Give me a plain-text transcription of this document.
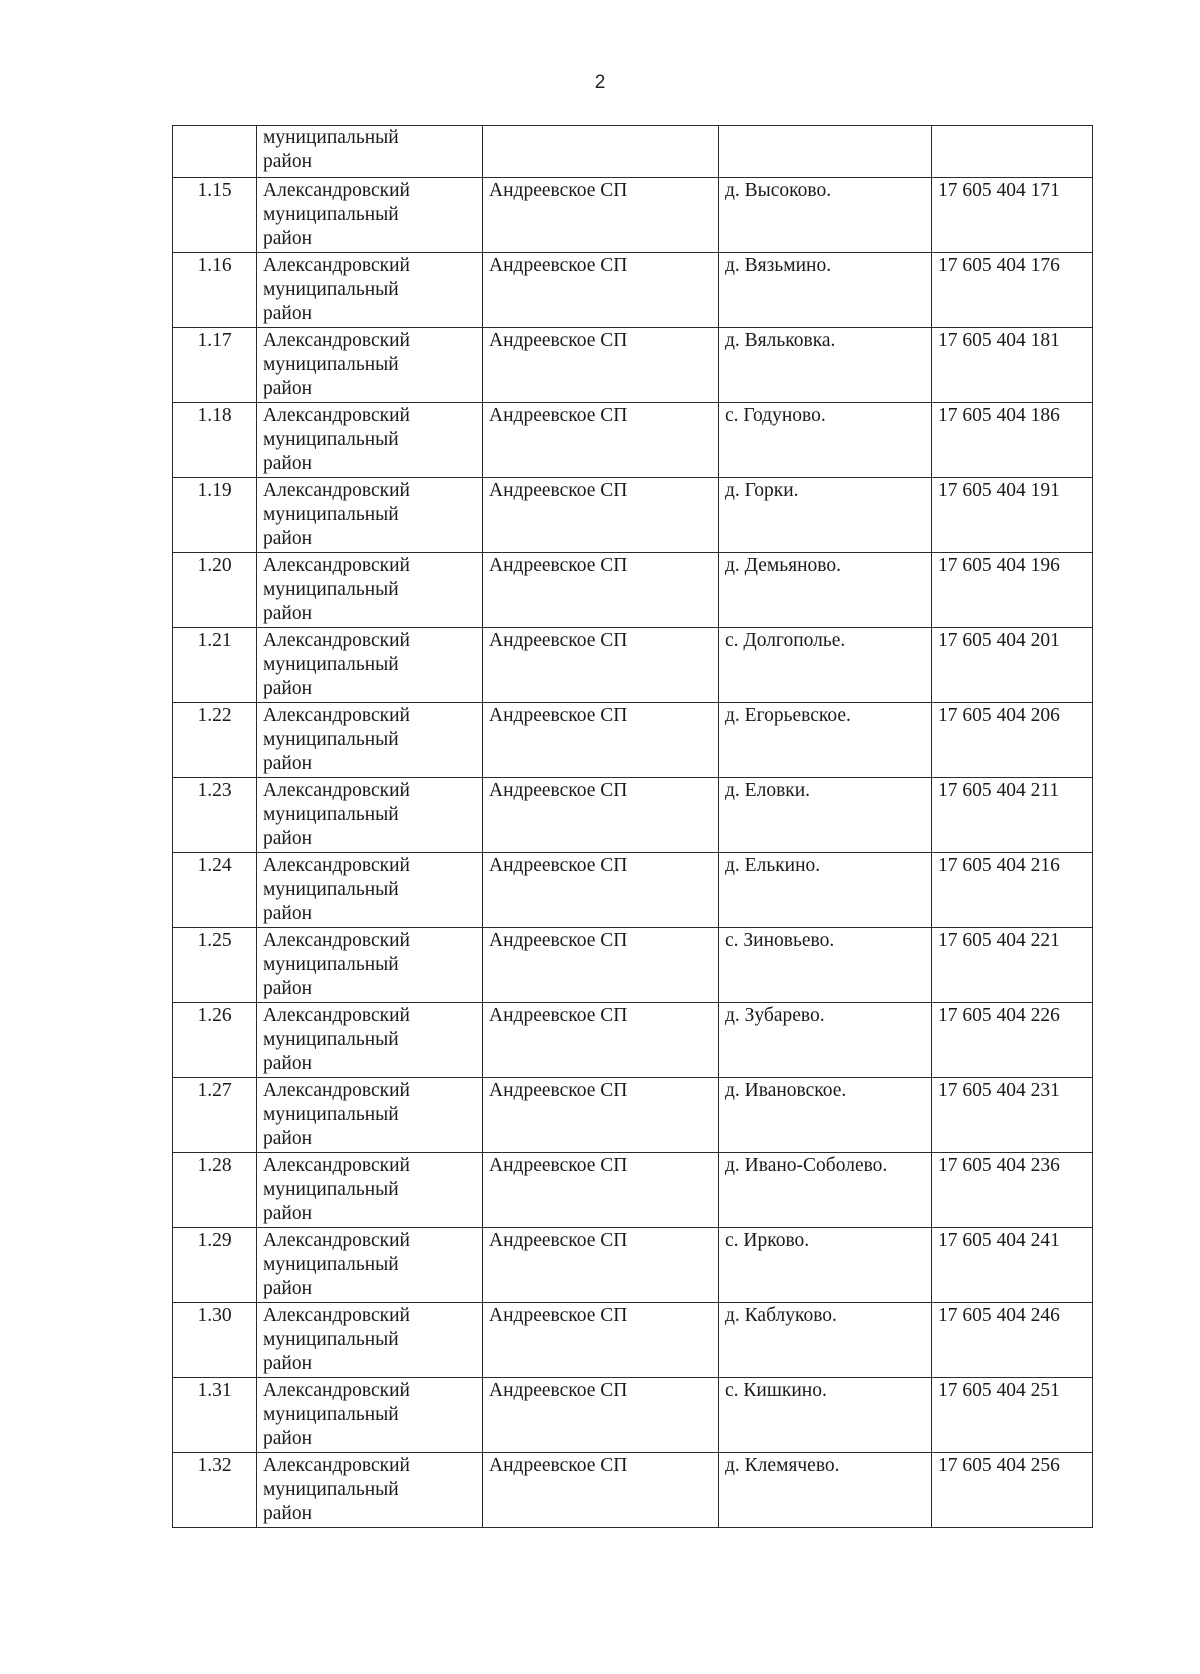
2

	муниципальный
район			

1.15	Александровский
муниципальный
район	Андреевское СП	д. Высоково.	17 605 404 171
1.16	Александровский
муниципальный
район	Андреевское СП	д. Вязьмино.	17 605 404 176
1.17	Александровский
муниципальный
район	Андреевское СП	д. Вяльковка.	17 605 404 181
1.18	Александровский
муниципальный
район	Андреевское СП	с. Годуново.	17 605 404 186
1.19	Александровский
муниципальный
район	Андреевское СП	д. Горки.	17 605 404 191
1.20	Александровский
муниципальный
район	Андреевское СП	д. Демьяново.	17 605 404 196
1.21	Александровский
муниципальный
район	Андреевское СП	с. Долгополье.	17 605 404 201
1.22	Александровский
муниципальный
район	Андреевское СП	д. Егорьевское.	17 605 404 206
1.23	Александровский
муниципальный
район	Андреевское СП	д. Еловки.	17 605 404 211
1.24	Александровский
муниципальный
район	Андреевское СП	д. Елькино.	17 605 404 216
1.25	Александровский
муниципальный
район	Андреевское СП	с. Зиновьево.	17 605 404 221
1.26	Александровский
муниципальный
район	Андреевское СП	д. Зубарево.	17 605 404 226
1.27	Александровский
муниципальный
район	Андреевское СП	д. Ивановское.	17 605 404 231
1.28	Александровский
муниципальный
район	Андреевское СП	д. Ивано-Соболево.	17 605 404 236
1.29	Александровский
муниципальный
район	Андреевское СП	с. Ирково.	17 605 404 241
1.30	Александровский
муниципальный
район	Андреевское СП	д. Каблуково.	17 605 404 246
1.31	Александровский
муниципальный
район	Андреевское СП	с. Кишкино.	17 605 404 251
1.32	Александровский
муниципальный
район	Андреевское СП	д. Клемячево.	17 605 404 256
